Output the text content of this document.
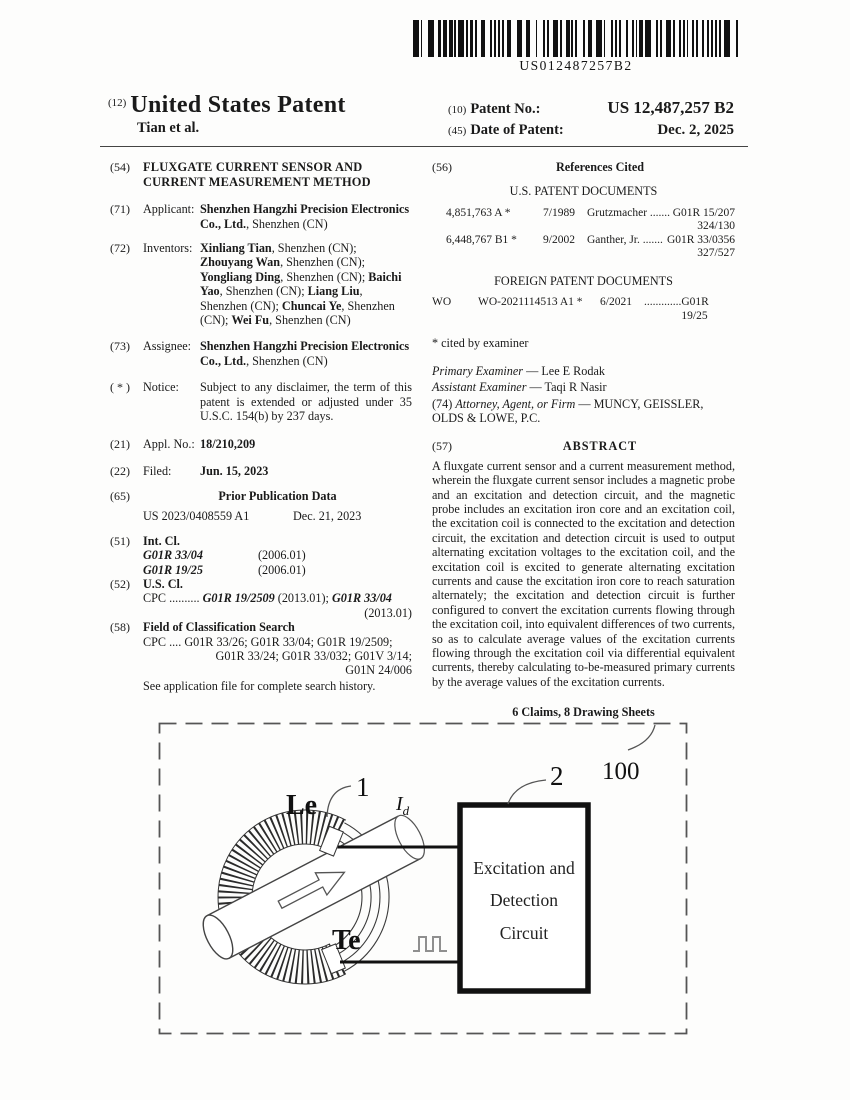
US012487257B2
$^{(12)}$ United States Patent
Tian et al.
(10) Patent No.:	US 12,487,257 B2
(45) Date of Patent:	Dec. 2, 2025
(54)	FLUXGATE CURRENT SENSOR AND
CURRENT MEASUREMENT METHOD
(71)	Applicant: Shenzhen Hangzhi Precision Electronics Co., Ltd., Shenzhen (CN)
(72)	Inventors: Xinliang Tian, Shenzhen (CN); Zhouyang Wan, Shenzhen (CN); Yongliang Ding, Shenzhen (CN); Baichi Yao, Shenzhen (CN); Liang Liu, Shenzhen (CN); Chuncai Ye, Shenzhen (CN); Wei Fu, Shenzhen (CN)
(73)	Assignee: Shenzhen Hangzhi Precision Electronics Co., Ltd., Shenzhen (CN)
( * )	Notice:	Subject to any disclaimer, the term of this patent is extended or adjusted under 35 U.S.C. 154(b) by 237 days.
(21)	Appl. No.: 18/210,209
(22)	Filed:	Jun. 15, 2023
(65)	Prior Publication Data
US 2023/0408559 A1	Dec. 21, 2023
(51)	Int. Cl.
G01R 33/04	(2006.01)
G01R 19/25	(2006.01)
(52)	U.S. Cl.
CPC .......... G01R 19/2509 (2013.01); G01R 33/04
(2013.01)
(58)	Field of Classification Search
CPC .... G01R 33/26; G01R 33/04; G01R 19/2509;
G01R 33/24; G01R 33/032; G01V 3/14;
G01N 24/006
See application file for complete search history.
(56)	References Cited
U.S. PATENT DOCUMENTS
4,851,763 A *	7/1989	Grutzmacher ....... G01R 15/207
324/130
6,448,767 B1 *	9/2002	Ganther, Jr. ....... G01R 33/0356
327/527
FOREIGN PATENT DOCUMENTS
WO	WO-2021114513 A1 *	6/2021	............. G01R 19/25
* cited by examiner
Primary Examiner — Lee E Rodak
Assistant Examiner — Taqi R Nasir
(74) Attorney, Agent, or Firm — MUNCY, GEISSLER, OLDS & LOWE, P.C.
(57)	ABSTRACT
A fluxgate current sensor and a current measurement method, wherein the fluxgate current sensor includes a magnetic probe and an excitation and detection circuit, and the magnetic probe includes an excitation iron core and an excitation coil, the excitation coil is connected to the excitation and detection circuit, the excitation and detection circuit is used to output alternating excitation voltages to the excitation coil, and the excitation coil is excited to generate alternating excitation currents and cause the excitation iron core to reach saturation alternately; the excitation and detection circuit is further configured to convert the excitation currents flowing through the excitation coil, into equivalent differences of two currents, so as to calculate average values of the excitation currents flowing through the excitation coil via differential equivalent currents, thereby calculating to-be-measured primary currents by the average values of the excitation currents.
6 Claims, 8 Drawing Sheets
Excitation and
Detection
Circuit
Le
1
$I_d$
Te
2 100
